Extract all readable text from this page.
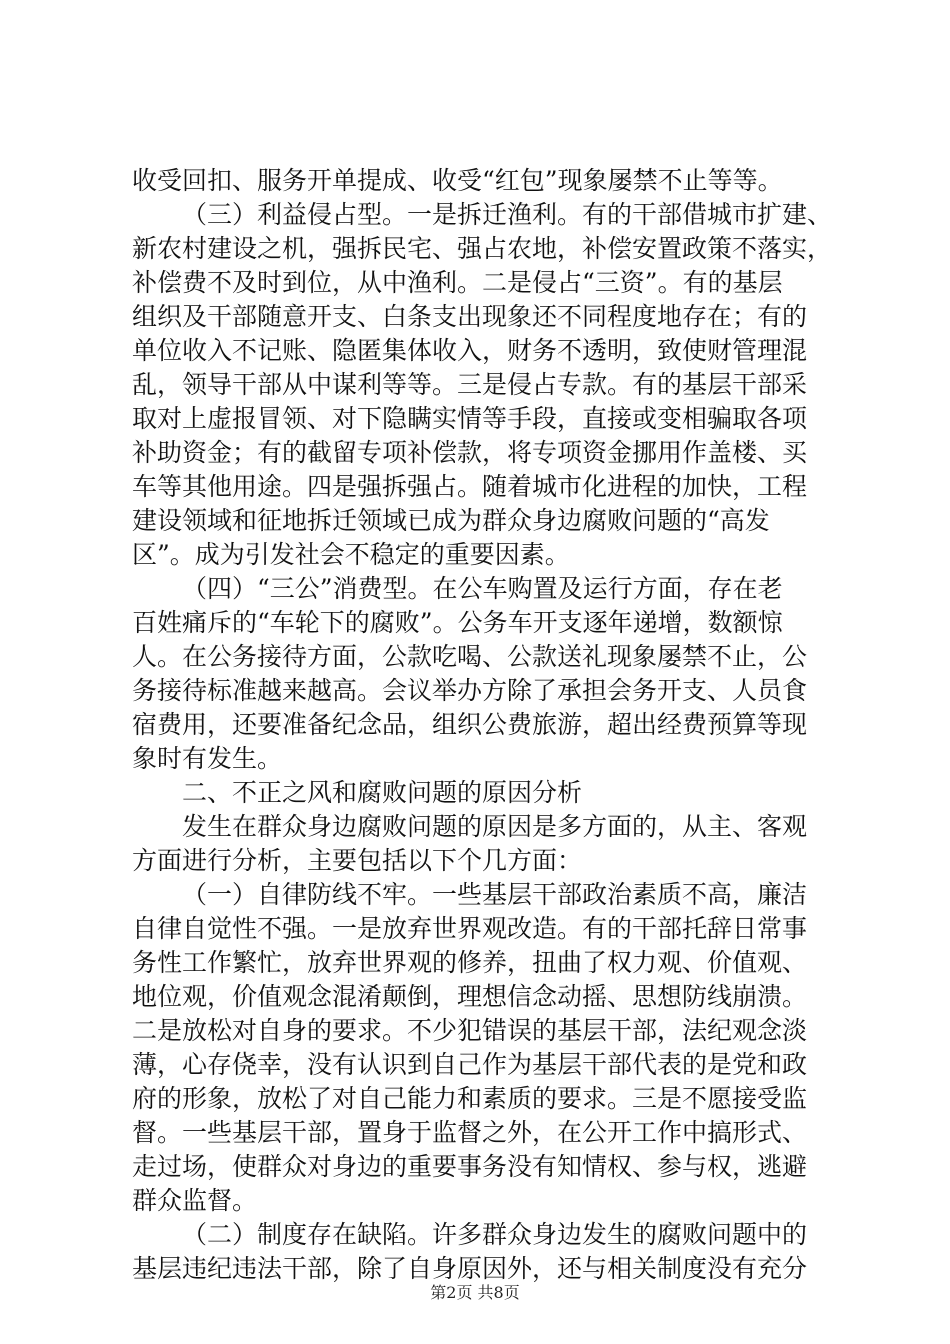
收受回扣、服务开单提成、收受“红包”现象屡禁不止等等。
（三）利益侵占型。一是拆迁渔利。有的干部借城市扩建、
新农村建设之机，强拆民宅、强占农地，补偿安置政策不落实，
补偿费不及时到位，从中渔利。二是侵占“三资”。有的基层
组织及干部随意开支、白条支出现象还不同程度地存在；有的
单位收入不记账、隐匿集体收入，财务不透明，致使财管理混
乱，领导干部从中谋利等等。三是侵占专款。有的基层干部采
取对上虚报冒领、对下隐瞒实情等手段，直接或变相骗取各项
补助资金；有的截留专项补偿款，将专项资金挪用作盖楼、买
车等其他用途。四是强拆强占。随着城市化进程的加快，工程
建设领域和征地拆迁领域已成为群众身边腐败问题的“高发
区”。成为引发社会不稳定的重要因素。
（四）“三公”消费型。在公车购置及运行方面，存在老
百姓痛斥的“车轮下的腐败”。公务车开支逐年递增，数额惊
人。在公务接待方面，公款吃喝、公款送礼现象屡禁不止，公
务接待标准越来越高。会议举办方除了承担会务开支、人员食
宿费用，还要准备纪念品，组织公费旅游，超出经费预算等现
象时有发生。
二、不正之风和腐败问题的原因分析
发生在群众身边腐败问题的原因是多方面的，从主、客观
方面进行分析，主要包括以下个几方面：
（一）自律防线不牢。一些基层干部政治素质不高，廉洁
自律自觉性不强。一是放弃世界观改造。有的干部托辞日常事
务性工作繁忙，放弃世界观的修养，扭曲了权力观、价值观、
地位观，价值观念混淆颠倒，理想信念动摇、思想防线崩溃。
二是放松对自身的要求。不少犯错误的基层干部，法纪观念淡
薄，心存侥幸，没有认识到自己作为基层干部代表的是党和政
府的形象，放松了对自己能力和素质的要求。三是不愿接受监
督。一些基层干部，置身于监督之外，在公开工作中搞形式、
走过场，使群众对身边的重要事务没有知情权、参与权，逃避
群众监督。
（二）制度存在缺陷。许多群众身边发生的腐败问题中的
基层违纪违法干部，除了自身原因外，还与相关制度没有充分
第2页 共8页
